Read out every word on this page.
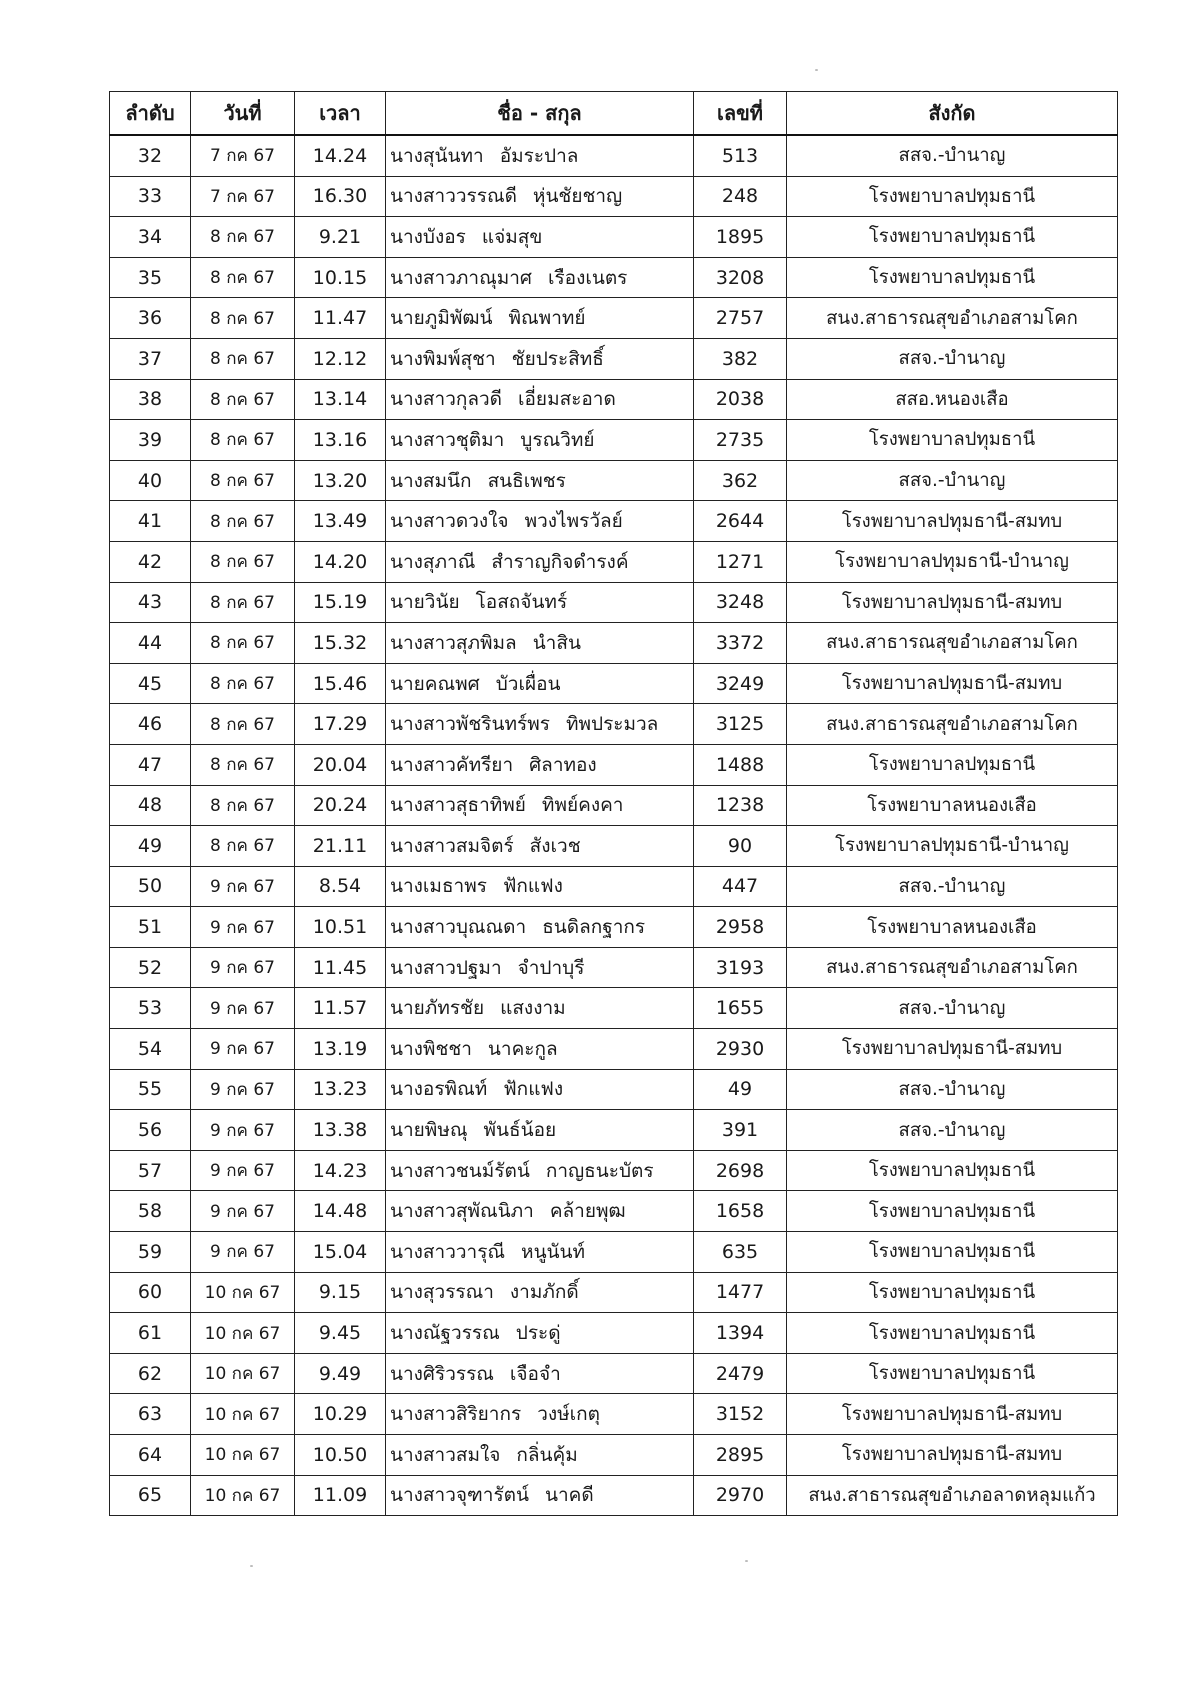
ลำดับ	วันที่	เวลา	ชื่อ - สกุล	เลขที่	สังกัด
32	7 กค 67	14.24	นางสุนันทา อัมระปาล	513	สสจ.-บำนาญ
33	7 กค 67	16.30	นางสาววรรณดี หุ่นชัยชาญ	248	โรงพยาบาลปทุมธานี
34	8 กค 67	9.21	นางบังอร แจ่มสุข	1895	โรงพยาบาลปทุมธานี
35	8 กค 67	10.15	นางสาวภาณุมาศ เรืองเนตร	3208	โรงพยาบาลปทุมธานี
36	8 กค 67	11.47	นายภูมิพัฒน์ พิณพาทย์	2757	สนง.สาธารณสุขอำเภอสามโคก
37	8 กค 67	12.12	นางพิมพ์สุชา ชัยประสิทธิ์	382	สสจ.-บำนาญ
38	8 กค 67	13.14	นางสาวกุลวดี เอี่ยมสะอาด	2038	สสอ.หนองเสือ
39	8 กค 67	13.16	นางสาวชุติมา บูรณวิทย์	2735	โรงพยาบาลปทุมธานี
40	8 กค 67	13.20	นางสมนึก สนธิเพชร	362	สสจ.-บำนาญ
41	8 กค 67	13.49	นางสาวดวงใจ พวงไพรวัลย์	2644	โรงพยาบาลปทุมธานี-สมทบ
42	8 กค 67	14.20	นางสุภาณี สำราญกิจดำรงค์	1271	โรงพยาบาลปทุมธานี-บำนาญ
43	8 กค 67	15.19	นายวินัย โอสถจันทร์	3248	โรงพยาบาลปทุมธานี-สมทบ
44	8 กค 67	15.32	นางสาวสุภพิมล นำสิน	3372	สนง.สาธารณสุขอำเภอสามโคก
45	8 กค 67	15.46	นายคณพศ บัวเผื่อน	3249	โรงพยาบาลปทุมธานี-สมทบ
46	8 กค 67	17.29	นางสาวพัชรินทร์พร ทิพประมวล	3125	สนง.สาธารณสุขอำเภอสามโคก
47	8 กค 67	20.04	นางสาวคัทรียา ศิลาทอง	1488	โรงพยาบาลปทุมธานี
48	8 กค 67	20.24	นางสาวสุธาทิพย์ ทิพย์คงคา	1238	โรงพยาบาลหนองเสือ
49	8 กค 67	21.11	นางสาวสมจิตร์ สังเวช	90	โรงพยาบาลปทุมธานี-บำนาญ
50	9 กค 67	8.54	นางเมธาพร ฟักแฟง	447	สสจ.-บำนาญ
51	9 กค 67	10.51	นางสาวบุณณดา ธนดิลกฐากร	2958	โรงพยาบาลหนองเสือ
52	9 กค 67	11.45	นางสาวปฐมา จำปาบุรี	3193	สนง.สาธารณสุขอำเภอสามโคก
53	9 กค 67	11.57	นายภัทรชัย แสงงาม	1655	สสจ.-บำนาญ
54	9 กค 67	13.19	นางพิชชา นาคะกูล	2930	โรงพยาบาลปทุมธานี-สมทบ
55	9 กค 67	13.23	นางอรพิณท์ ฟักแฟง	49	สสจ.-บำนาญ
56	9 กค 67	13.38	นายพิษณุ พันธ์น้อย	391	สสจ.-บำนาญ
57	9 กค 67	14.23	นางสาวชนม์รัตน์ กาญธนะบัตร	2698	โรงพยาบาลปทุมธานี
58	9 กค 67	14.48	นางสาวสุพัณนิภา คล้ายพุฒ	1658	โรงพยาบาลปทุมธานี
59	9 กค 67	15.04	นางสาววารุณี หนูนันท์	635	โรงพยาบาลปทุมธานี
60	10 กค 67	9.15	นางสุวรรณา งามภักดิ์	1477	โรงพยาบาลปทุมธานี
61	10 กค 67	9.45	นางณัฐวรรณ ประดู่	1394	โรงพยาบาลปทุมธานี
62	10 กค 67	9.49	นางศิริวรรณ เจือจำ	2479	โรงพยาบาลปทุมธานี
63	10 กค 67	10.29	นางสาวสิริยากร วงษ์เกตุ	3152	โรงพยาบาลปทุมธานี-สมทบ
64	10 กค 67	10.50	นางสาวสมใจ กลิ่นคุ้ม	2895	โรงพยาบาลปทุมธานี-สมทบ
65	10 กค 67	11.09	นางสาวจุฑารัตน์ นาคดี	2970	สนง.สาธารณสุขอำเภอลาดหลุมแก้ว
